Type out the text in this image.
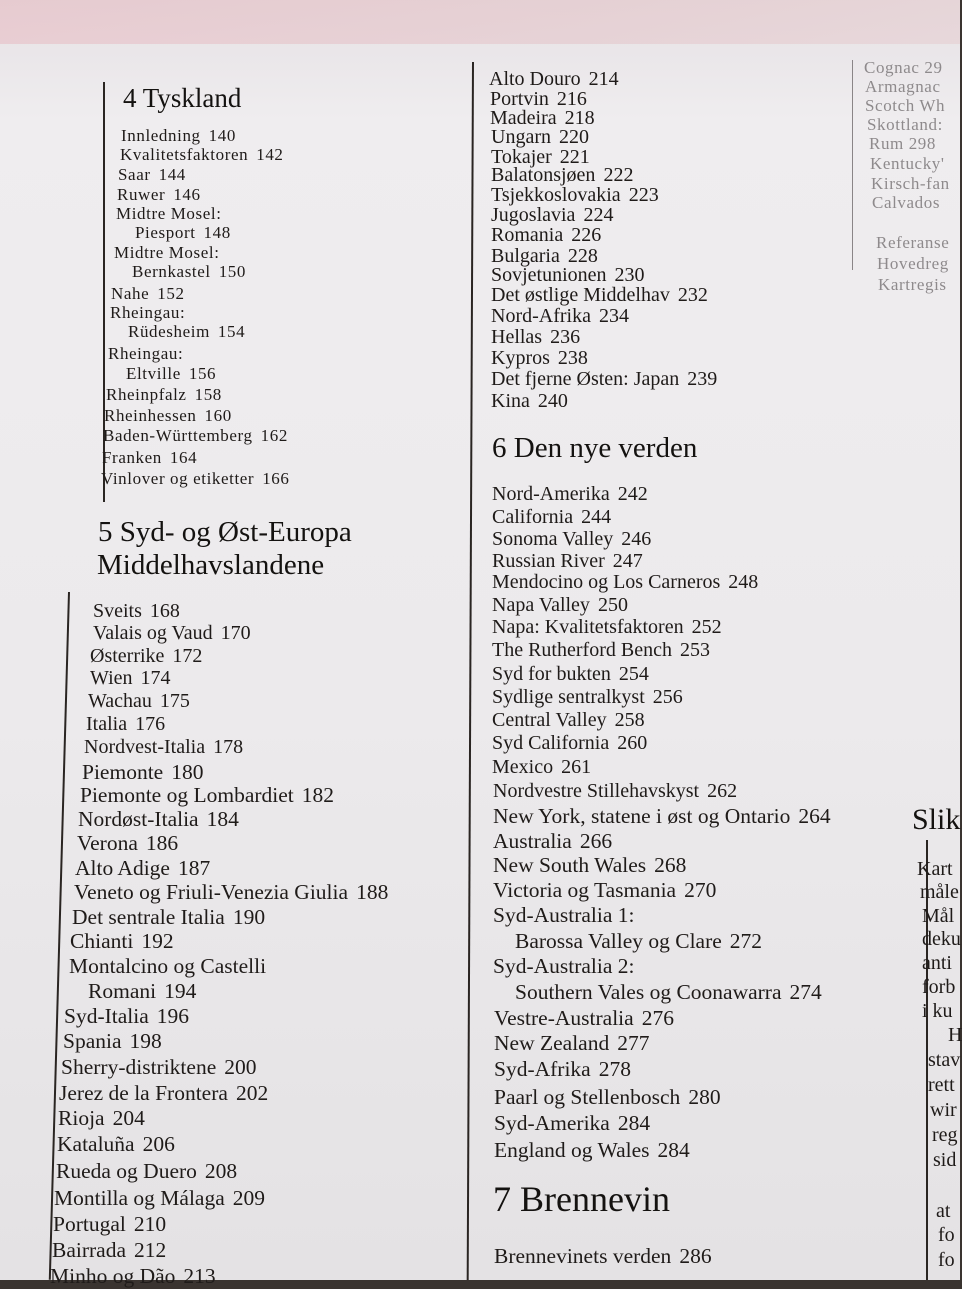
4 Tyskland
Innledning 140
Kvalitetsfaktoren 142
Saar 144
Ruwer 146
Midtre Mosel:
Piesport 148
Midtre Mosel:
Bernkastel 150
Nahe 152
Rheingau:
Rüdesheim 154
Rheingau:
Eltville 156
Rheinpfalz 158
Rheinhessen 160
Baden-Württemberg 162
Franken 164
Vinlover og etiketter 166
5 Syd- og Øst-Europa
Middelhavslandene
Sveits 168
Valais og Vaud 170
Østerrike 172
Wien 174
Wachau 175
Italia 176
Nordvest-Italia 178
Piemonte 180
Piemonte og Lombardiet 182
Nordøst-Italia 184
Verona 186
Alto Adige 187
Veneto og Friuli-Venezia Giulia 188
Det sentrale Italia 190
Chianti 192
Montalcino og Castelli
Romani 194
Syd-Italia 196
Spania 198
Sherry-distriktene 200
Jerez de la Frontera 202
Rioja 204
Kataluña 206
Rueda og Duero 208
Montilla og Málaga 209
Portugal 210
Bairrada 212
Minho og Dão 213
Alto Douro 214
Portvin 216
Madeira 218
Ungarn 220
Tokajer 221
Balatonsjøen 222
Tsjekkoslovakia 223
Jugoslavia 224
Romania 226
Bulgaria 228
Sovjetunionen 230
Det østlige Middelhav 232
Nord-Afrika 234
Hellas 236
Kypros 238
Det fjerne Østen: Japan 239
Kina 240
6 Den nye verden
Nord-Amerika 242
California 244
Sonoma Valley 246
Russian River 247
Mendocino og Los Carneros 248
Napa Valley 250
Napa: Kvalitetsfaktoren 252
The Rutherford Bench 253
Syd for bukten 254
Sydlige sentralkyst 256
Central Valley 258
Syd California 260
Mexico 261
Nordvestre Stillehavskyst 262
New York, statene i øst og Ontario 264
Australia 266
New South Wales 268
Victoria og Tasmania 270
Syd-Australia 1:
Barossa Valley og Clare 272
Syd-Australia 2:
Southern Vales og Coonawarra 274
Vestre-Australia 276
New Zealand 277
Syd-Afrika 278
Paarl og Stellenbosch 280
Syd-Amerika 284
England og Wales 284
7 Brennevin
Brennevinets verden 286
Cognac 29
Armagnac
Scotch Wh
Skottland:
Rum 298
Kentucky'
Kirsch-fan
Calvados
Referanse
Hovedreg
Kartregis
Slik
Kart
måle
Mål
deku
anti
forb
i ku
H
stav
rett
wir
reg
sid
at
fo
fo
